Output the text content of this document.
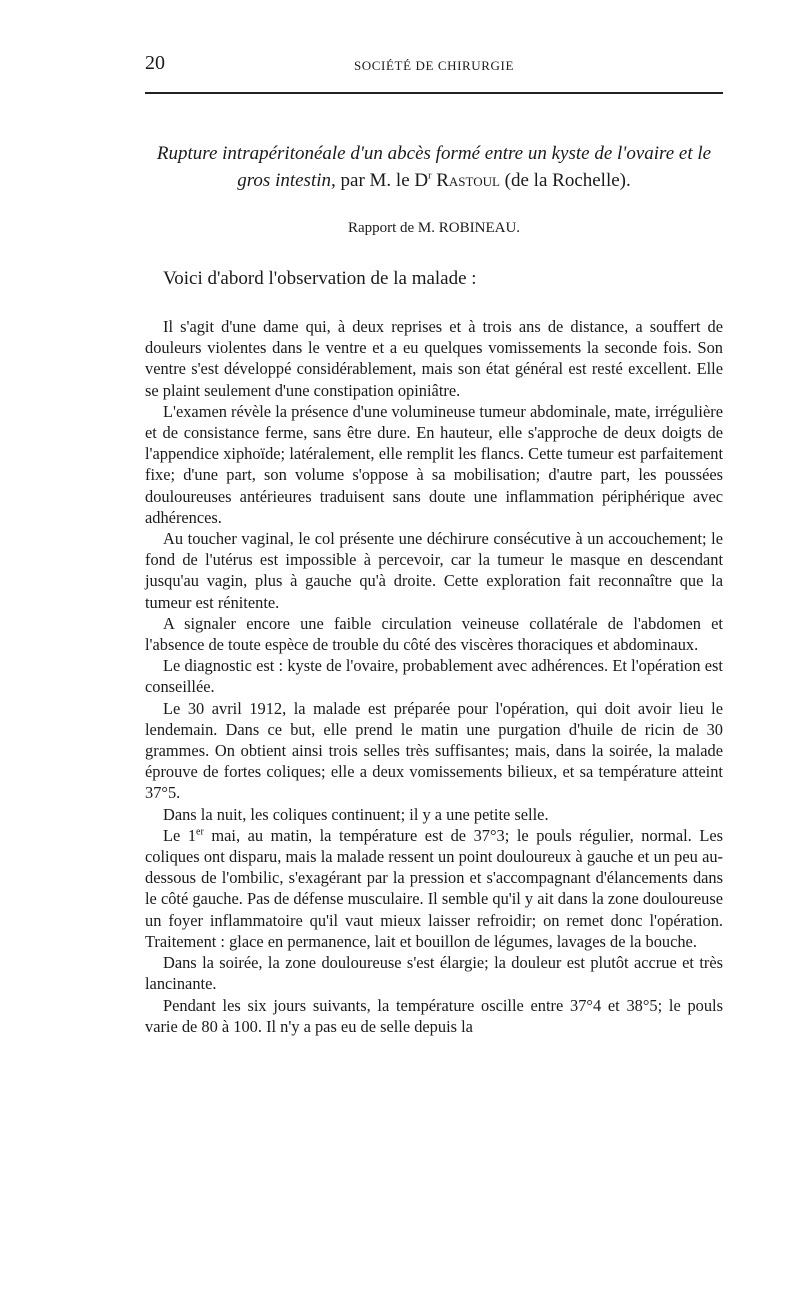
20	SOCIÉTÉ DE CHIRURGIE
Rupture intrapéritonéale d'un abcès formé entre un kyste de l'ovaire et le gros intestin, par M. le $D^r$ Rastoul (de la Rochelle).
Rapport de M. ROBINEAU.
Voici d'abord l'observation de la malade :

Il s'agit d'une dame qui, à deux reprises et à trois ans de distance, a souffert de douleurs violentes dans le ventre et a eu quelques vomissements la seconde fois. Son ventre s'est développé considérablement, mais son état général est resté excellent. Elle se plaint seulement d'une constipation opiniâtre.

L'examen révèle la présence d'une volumineuse tumeur abdominale, mate, irrégulière et de consistance ferme, sans être dure. En hauteur, elle s'approche de deux doigts de l'appendice xiphoïde; latéralement, elle remplit les flancs. Cette tumeur est parfaitement fixe; d'une part, son volume s'oppose à sa mobilisation; d'autre part, les poussées douloureuses antérieures traduisent sans doute une inflammation périphérique avec adhérences.

Au toucher vaginal, le col présente une déchirure consécutive à un accouchement; le fond de l'utérus est impossible à percevoir, car la tumeur le masque en descendant jusqu'au vagin, plus à gauche qu'à droite. Cette exploration fait reconnaître que la tumeur est rénitente.

A signaler encore une faible circulation veineuse collatérale de l'abdomen et l'absence de toute espèce de trouble du côté des viscères thoraciques et abdominaux.

Le diagnostic est : kyste de l'ovaire, probablement avec adhérences. Et l'opération est conseillée.

Le 30 avril 1912, la malade est préparée pour l'opération, qui doit avoir lieu le lendemain. Dans ce but, elle prend le matin une purgation d'huile de ricin de 30 grammes. On obtient ainsi trois selles très suffisantes; mais, dans la soirée, la malade éprouve de fortes coliques; elle a deux vomissements bilieux, et sa température atteint 37°5.

Dans la nuit, les coliques continuent; il y a une petite selle.

Le 1er mai, au matin, la température est de 37°3; le pouls régulier, normal. Les coliques ont disparu, mais la malade ressent un point douloureux à gauche et un peu au-dessous de l'ombilic, s'exagérant par la pression et s'accompagnant d'élancements dans le côté gauche. Pas de défense musculaire. Il semble qu'il y ait dans la zone douloureuse un foyer inflammatoire qu'il vaut mieux laisser refroidir; on remet donc l'opération. Traitement : glace en permanence, lait et bouillon de légumes, lavages de la bouche.

Dans la soirée, la zone douloureuse s'est élargie; la douleur est plutôt accrue et très lancinante.

Pendant les six jours suivants, la température oscille entre 37°4 et 38°5; le pouls varie de 80 à 100. Il n'y a pas eu de selle depuis la
